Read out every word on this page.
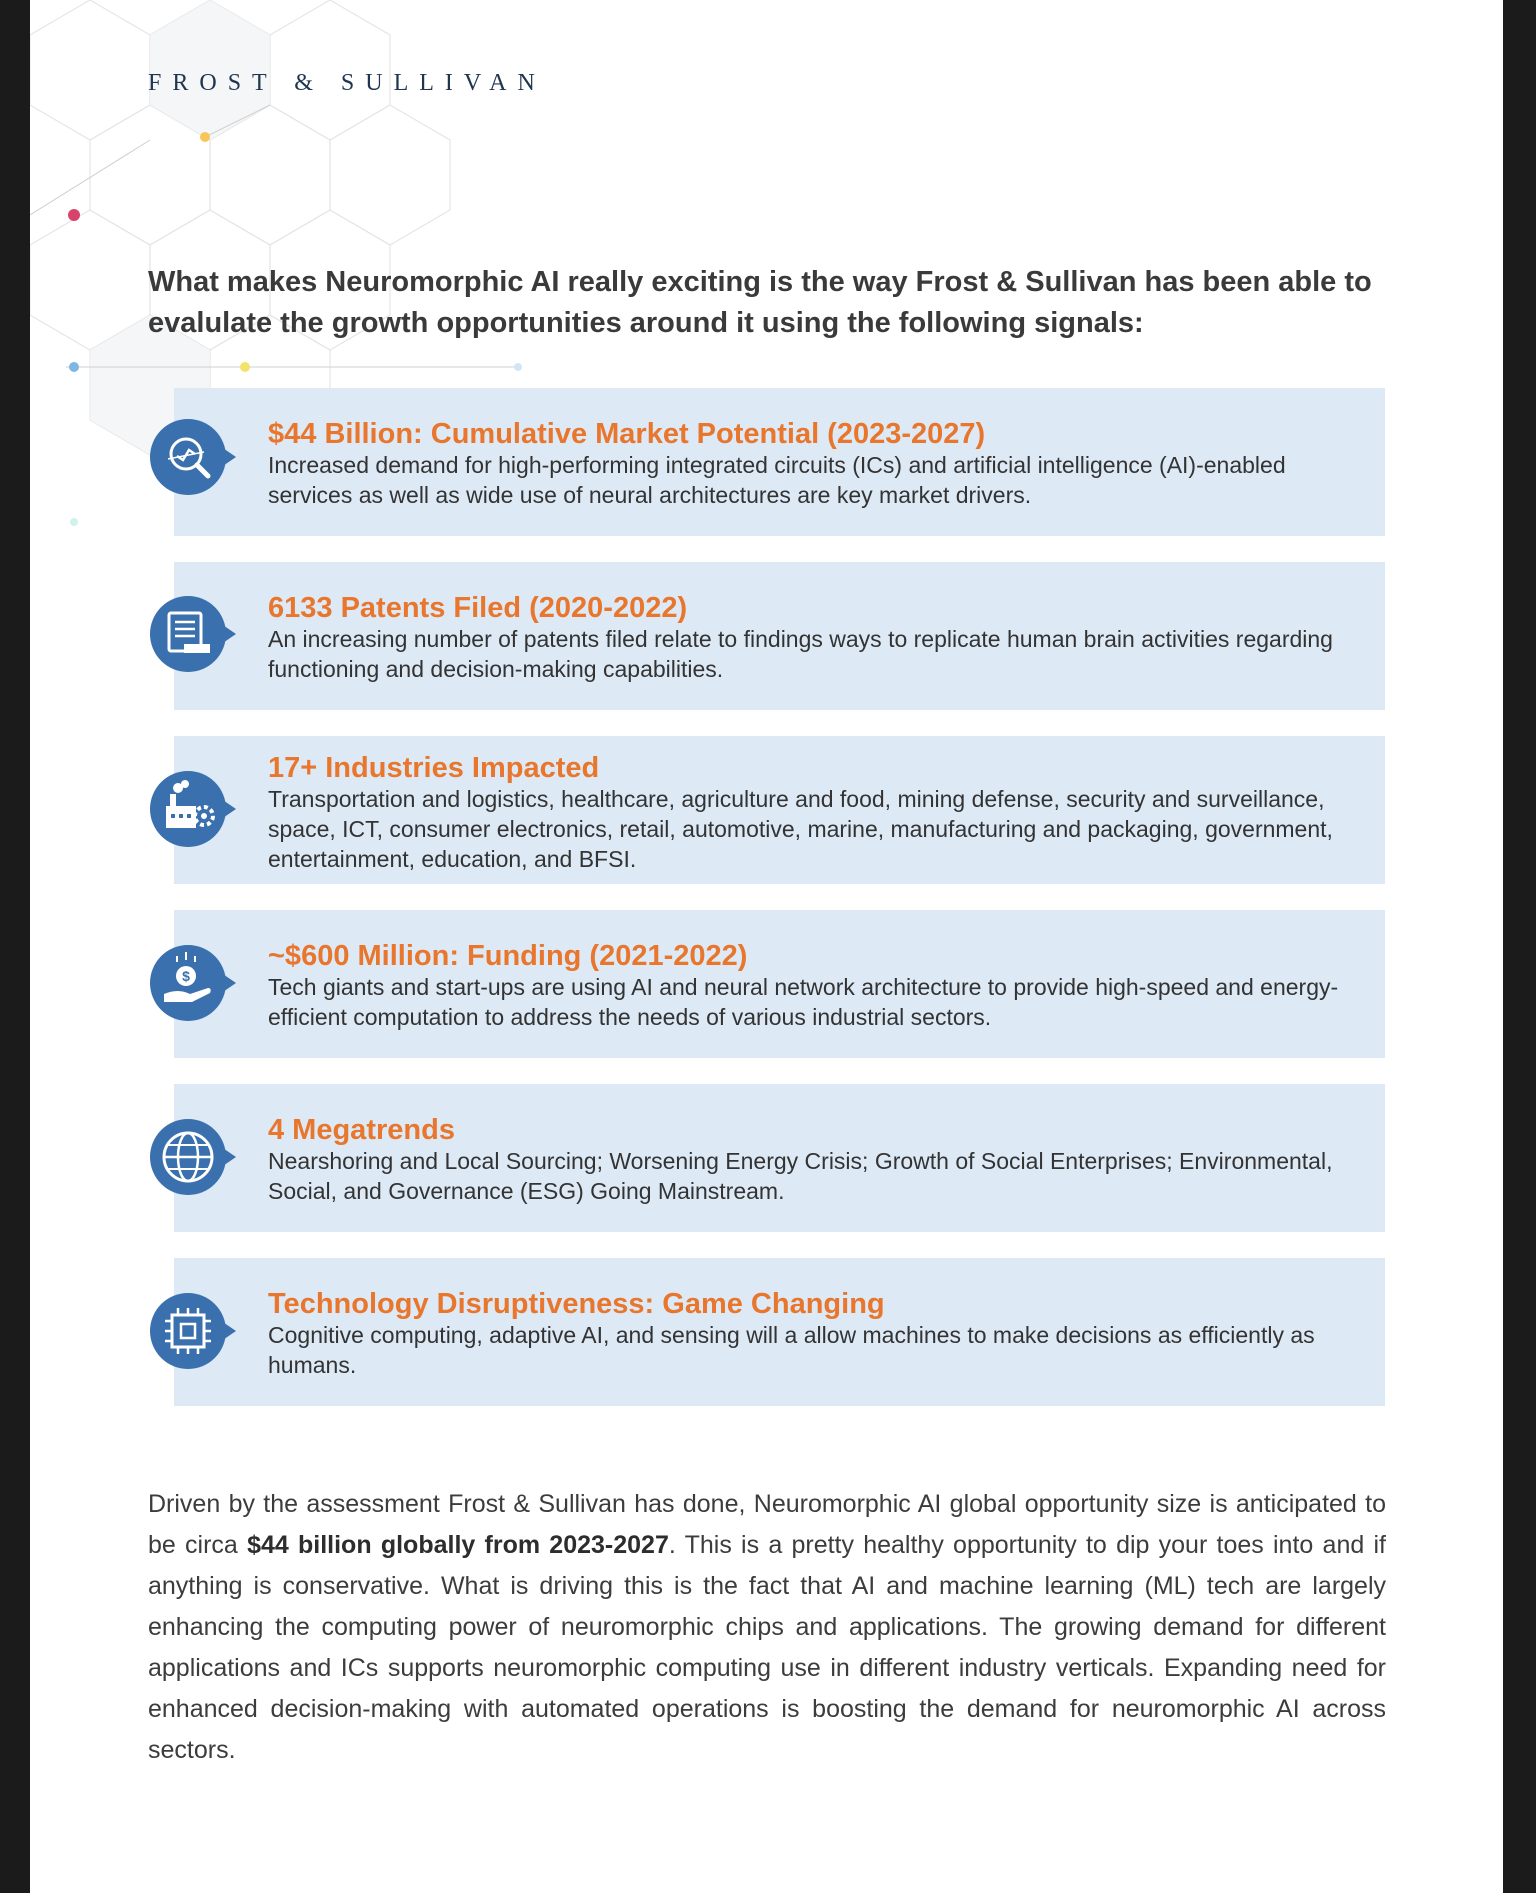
FROST & SULLIVAN
What makes Neuromorphic AI really exciting is the way Frost & Sullivan has been able to evalulate the growth opportunities around it using the following signals:

$44 Billion: Cumulative Market Potential (2023-2027)

Increased demand for high-performing integrated circuits (ICs) and artificial intelligence (AI)-enabled services as well as wide use of neural architectures are key market drivers.

6133 Patents Filed (2020-2022)

An increasing number of patents filed relate to findings ways to replicate human brain activities regarding functioning and decision-making capabilities.

17+ Industries Impacted

Transportation and logistics, healthcare, agriculture and food, mining defense, security and surveillance, space, ICT, consumer electronics, retail, automotive, marine, manufacturing and packaging, government, entertainment, education, and BFSI.

$

~$600 Million: Funding (2021-2022)

Tech giants and start-ups are using AI and neural network architecture to provide high-speed and energy-efficient computation to address the needs of various industrial sectors.

4 Megatrends

Nearshoring and Local Sourcing; Worsening Energy Crisis; Growth of Social Enterprises; Environmental, Social, and Governance (ESG) Going Mainstream.

Technology Disruptiveness: Game Changing

Cognitive computing, adaptive AI, and sensing will a allow machines to make decisions as efficiently as humans.

Driven by the assessment Frost & Sullivan has done, Neuromorphic AI global opportunity size is anticipated to be circa $44 billion globally from 2023-2027. This is a pretty healthy opportunity to dip your toes into and if anything is conservative. What is driving this is the fact that AI and machine learning (ML) tech are largely enhancing the computing power of neuromorphic chips and applications. The growing demand for different applications and ICs supports neuromorphic computing use in different industry verticals. Expanding need for enhanced decision-making with automated operations is boosting the demand for neuromorphic AI across sectors.
